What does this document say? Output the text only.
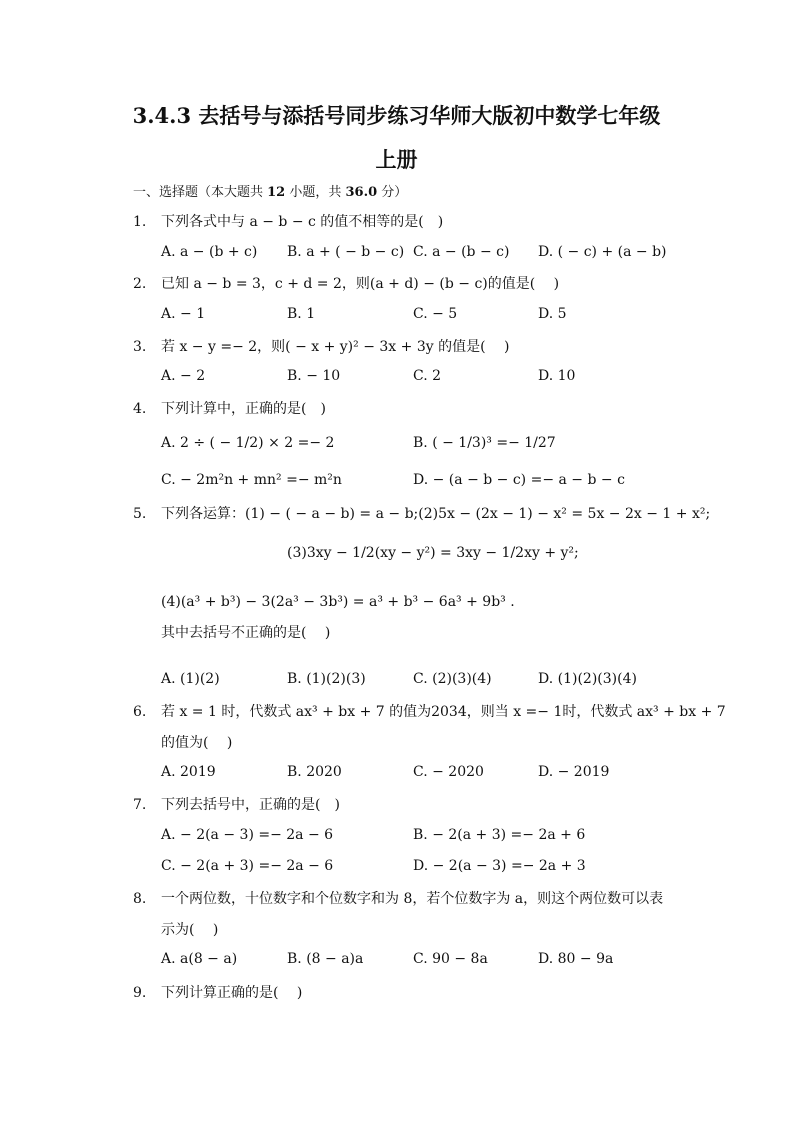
3.4.3 去括号与添括号同步练习华师大版初中数学七年级
上册
一、选择题（本大题共 12 小题，共 36.0 分）
1.	下列各式中与 a − b − c 的值不相等的是(　)
A. a − (b + c) B. a + ( − b − c) C. a − (b − c) D. ( − c) + (a − b)
2.	已知 a − b = 3，c + d = 2，则(a + d) − (b − c)的值是(　 )
A. − 1	B. 1	C. − 5	D. 5
3.	若 x − y =− 2，则( − x + y)² − 3x + 3y 的值是(　 )
A. − 2	B. − 10	C. 2	D. 10
4.	下列计算中，正确的是(　)
A. 2 ÷ ( − 1/2) × 2 =− 2	B. ( − 1/3)³ =− 1/27
C. − 2m²n + mn² =− m²n	D. − (a − b − c) =− a − b − c
5.	下列各运算：(1) − ( − a − b) = a − b;(2)5x − (2x − 1) − x² = 5x − 2x − 1 + x²;
(3)3xy − 1/2(xy − y²) = 3xy − 1/2xy + y²;
(4)(a³ + b³) − 3(2a³ − 3b³) = a³ + b³ − 6a³ + 9b³ .
其中去括号不正确的是(　 )
A. (1)(2)	B. (1)(2)(3)	C. (2)(3)(4)	D. (1)(2)(3)(4)
6.	若 x = 1 时，代数式 ax³ + bx + 7 的值为2034，则当 x =− 1时，代数式 ax³ + bx + 7
的值为(　 )
A. 2019	B. 2020	C. − 2020	D. − 2019
7.	下列去括号中，正确的是(　)
A. − 2(a − 3) =− 2a − 6	B. − 2(a + 3) =− 2a + 6
C. − 2(a + 3) =− 2a − 6	D. − 2(a − 3) =− 2a + 3
8.	一个两位数，十位数字和个位数字和为 8，若个位数字为 a，则这个两位数可以表
示为(　 )
A. a(8 − a)	B. (8 − a)a	C. 90 − 8a	D. 80 − 9a
9.	下列计算正确的是(　 )
